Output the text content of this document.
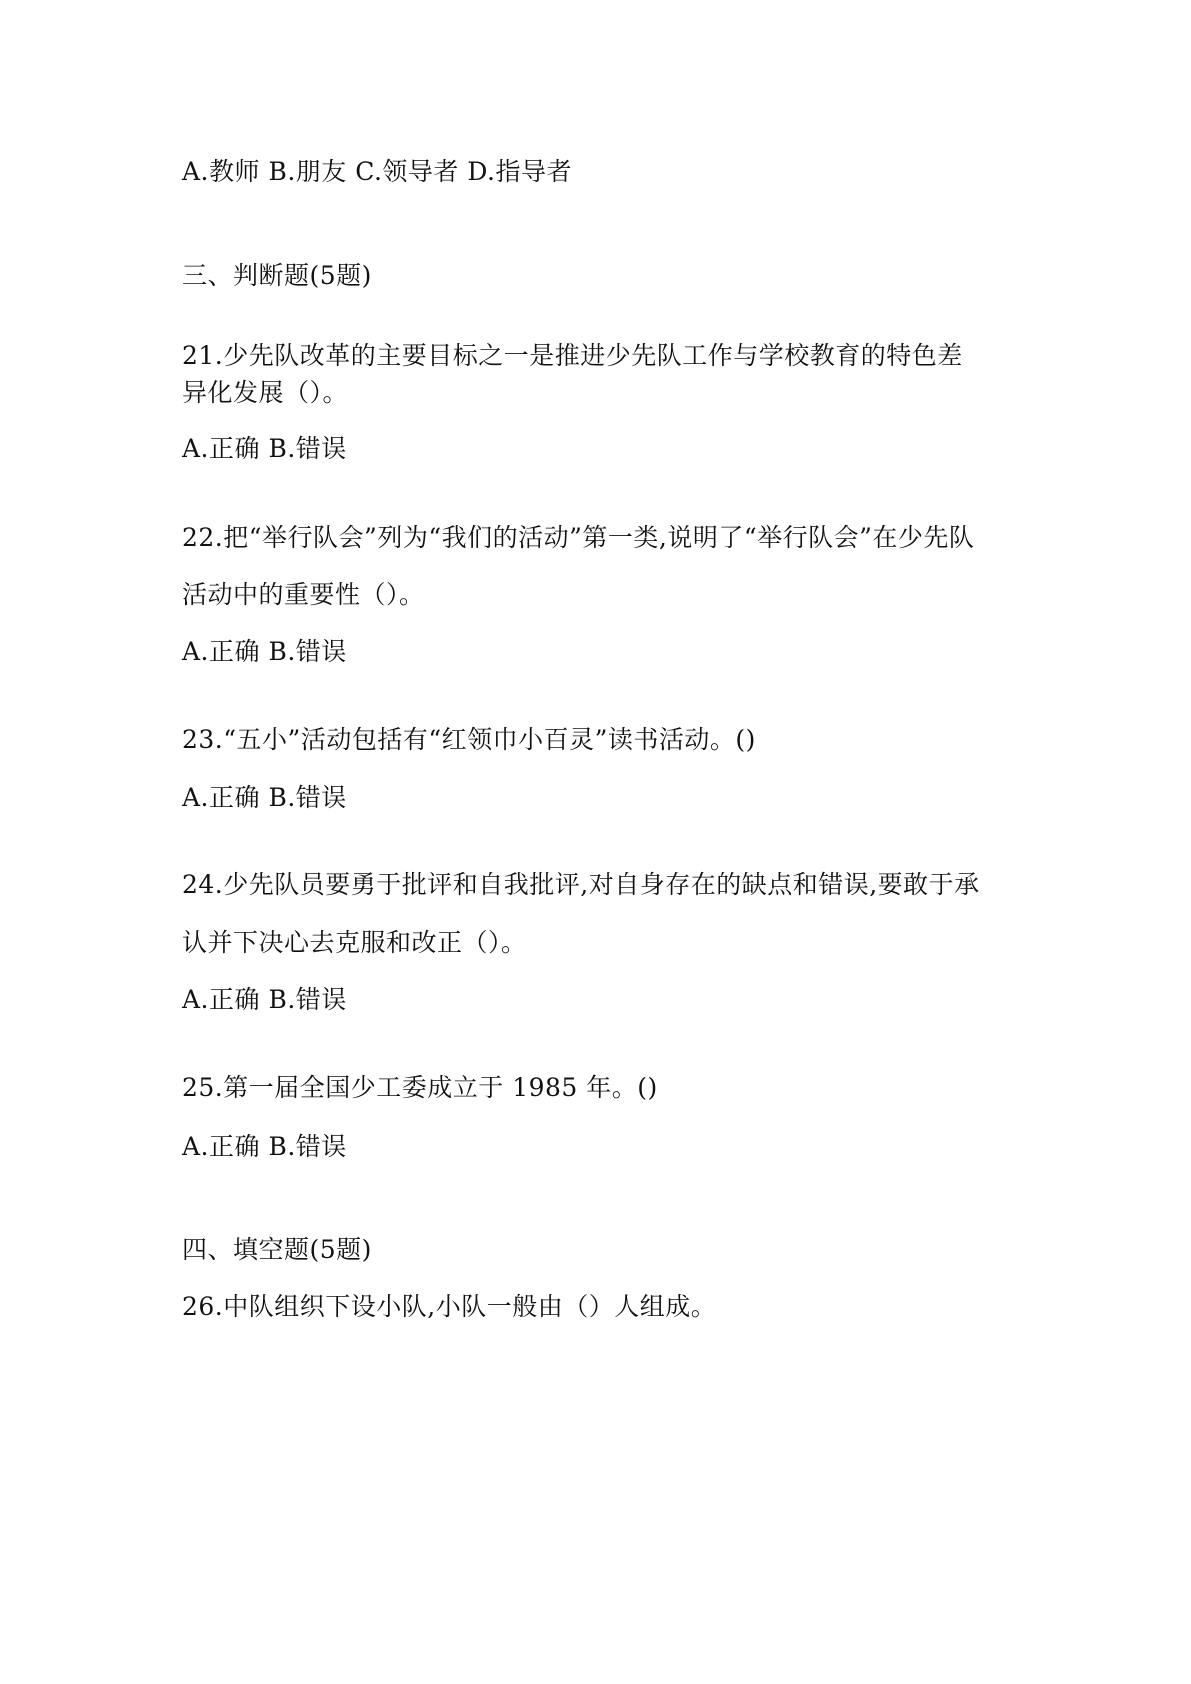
A.教师 B.朋友 C.领导者 D.指导者
三、判断题(5题)
21.少先队改革的主要目标之一是推进少先队工作与学校教育的特色差
异化发展（）。
A.正确 B.错误
22.把“举行队会”列为“我们的活动”第一类,说明了“举行队会”在少先队
活动中的重要性（）。
A.正确 B.错误
23.“五小”活动包括有“红领巾小百灵”读书活动。()
A.正确 B.错误
24.少先队员要勇于批评和自我批评,对自身存在的缺点和错误,要敢于承
认并下决心去克服和改正（）。
A.正确 B.错误
25.第一届全国少工委成立于 1985 年。()
A.正确 B.错误
四、填空题(5题)
26.中队组织下设小队,小队一般由（）人组成。
